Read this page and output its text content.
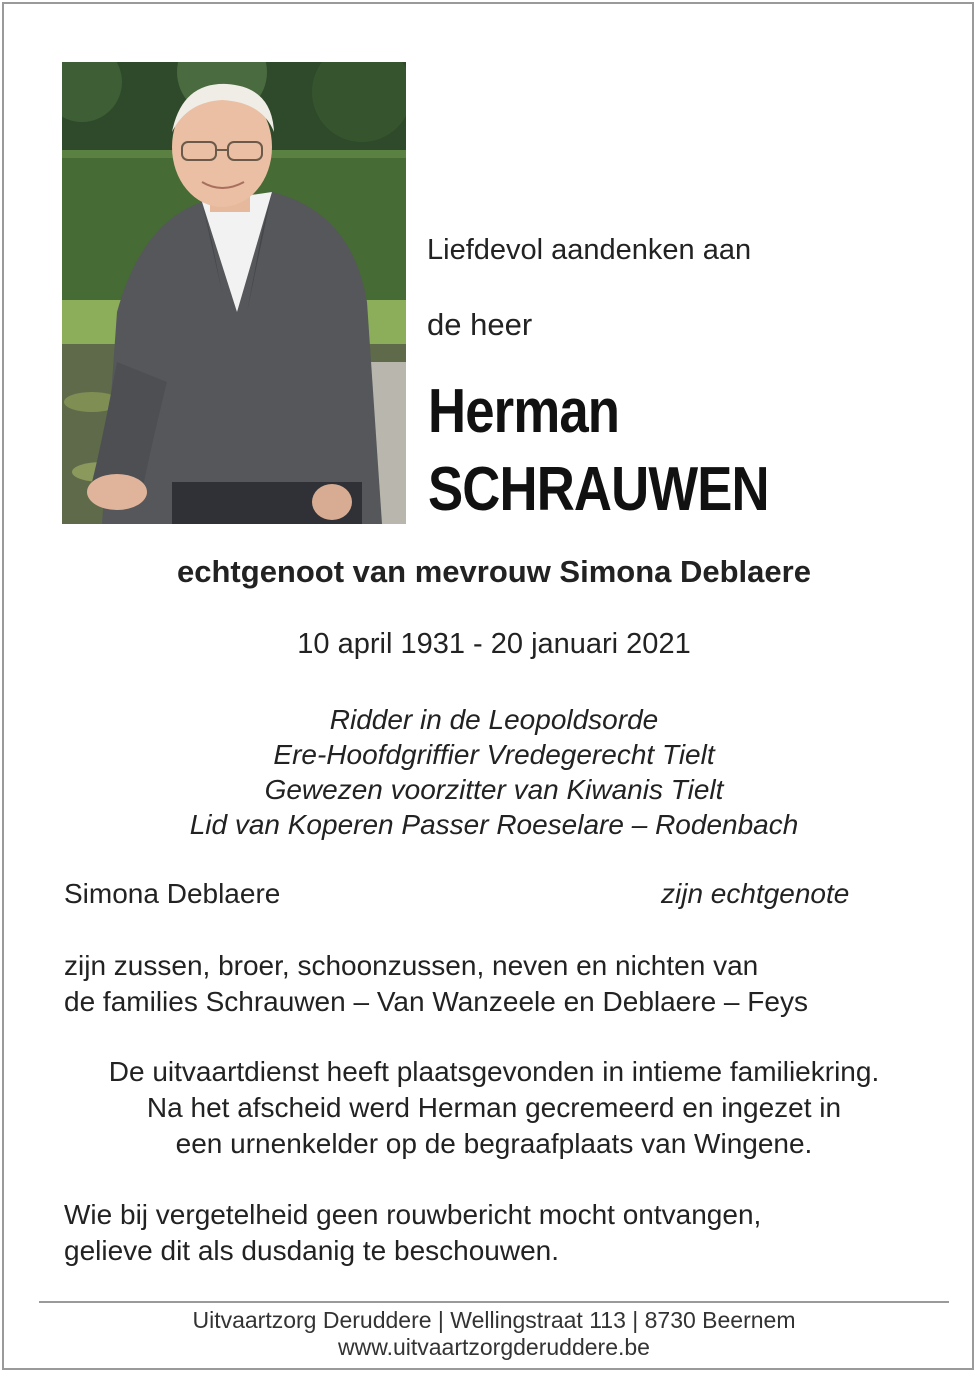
Liefdevol aandenken aan
de heer
Herman
SCHRAUWEN
echtgenoot van mevrouw Simona Deblaere
10 april 1931 - 20 januari 2021
Ridder in de Leopoldsorde
Ere-Hoofdgriffier Vredegerecht Tielt
Gewezen voorzitter van Kiwanis Tielt
Lid van Koperen Passer Roeselare – Rodenbach
Simona Deblaere	zijn echtgenote
zijn zussen, broer, schoonzussen, neven en nichten van
de families Schrauwen – Van Wanzeele en Deblaere – Feys
De uitvaartdienst heeft plaatsgevonden in intieme familiekring.
Na het afscheid werd Herman gecremeerd en ingezet in
een urnenkelder op de begraafplaats van Wingene.
Wie bij vergetelheid geen rouwbericht mocht ontvangen,
gelieve dit als dusdanig te beschouwen.
Uitvaartzorg Deruddere | Wellingstraat 113 | 8730 Beernem
www.uitvaartzorgderuddere.be
